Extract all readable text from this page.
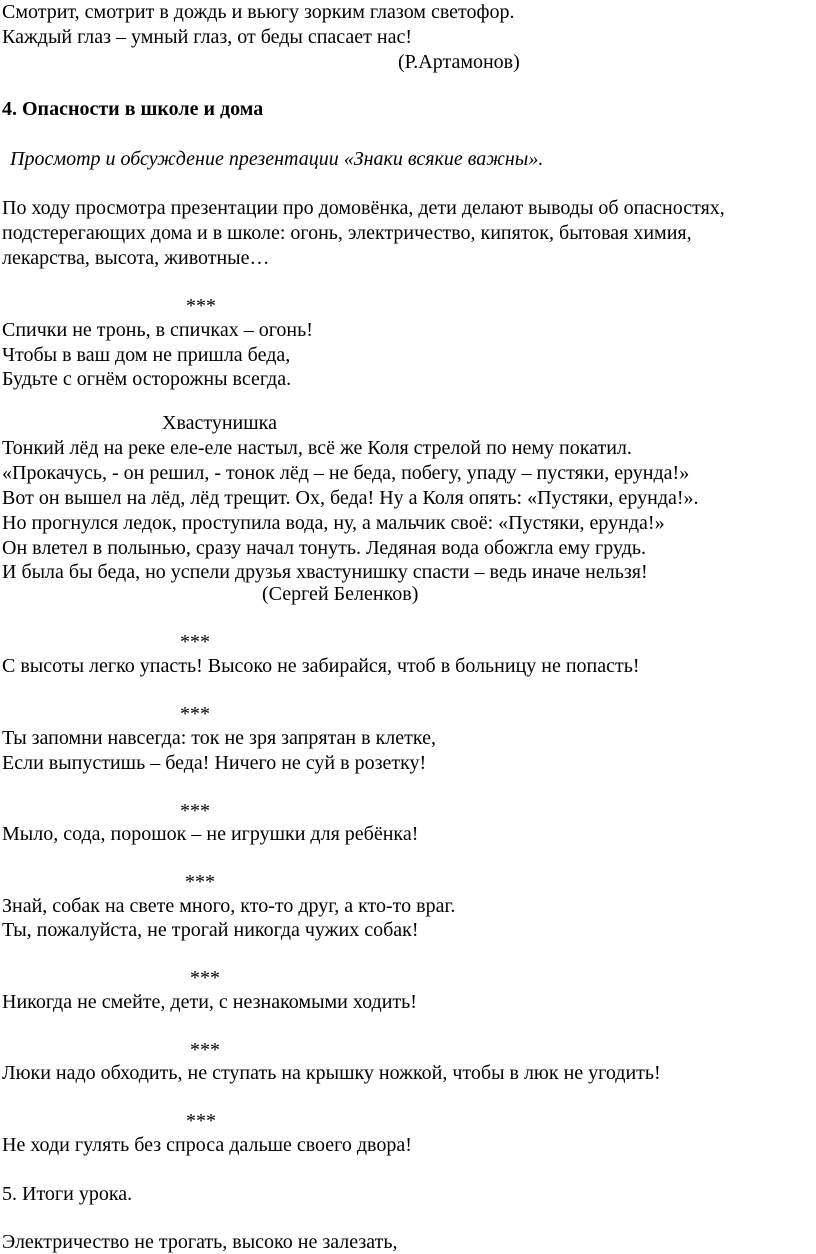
Смотрит, смотрит в дождь и вьюгу зорким глазом светофор.
Каждый глаз – умный глаз, от беды спасает нас!
(Р.Артамонов)
4. Опасности в школе и дома
Просмотр и обсуждение презентации «Знаки всякие важны».
По ходу просмотра презентации про домовёнка, дети делают выводы об опасностях,
подстерегающих дома и в школе: огонь, электричество, кипяток, бытовая химия,
лекарства, высота, животные…
***
Спички не тронь, в спичках – огонь!
Чтобы в ваш дом не пришла беда,
Будьте с огнём осторожны всегда.
Хвастунишка
Тонкий лёд на реке еле-еле настыл, всё же Коля стрелой по нему покатил.
«Прокачусь, - он решил, - тонок лёд – не беда, побегу, упаду – пустяки, ерунда!»
Вот он вышел на лёд, лёд трещит. Ох, беда! Ну а Коля опять: «Пустяки, ерунда!».
Но прогнулся ледок, проступила вода, ну, а мальчик своё: «Пустяки, ерунда!»
Он влетел в полынью, сразу начал тонуть. Ледяная вода обожгла ему грудь.
И была бы беда, но успели друзья хвастунишку спасти – ведь иначе нельзя!
(Сергей Беленков)
***
С высоты легко упасть! Высоко не забирайся, чтоб в больницу не попасть!
***
Ты запомни навсегда: ток не зря запрятан в клетке,
Если выпустишь – беда! Ничего не суй в розетку!
***
Мыло, сода, порошок – не игрушки для ребёнка!
***
Знай, собак на свете много, кто-то друг, а кто-то враг.
Ты, пожалуйста, не трогай никогда чужих собак!
***
Никогда не смейте, дети, с незнакомыми ходить!
***
Люки надо обходить, не ступать на крышку ножкой, чтобы в люк не угодить!
***
Не ходи гулять без спроса дальше своего двора!
5. Итоги урока.
Электричество не трогать, высоко не залезать,
